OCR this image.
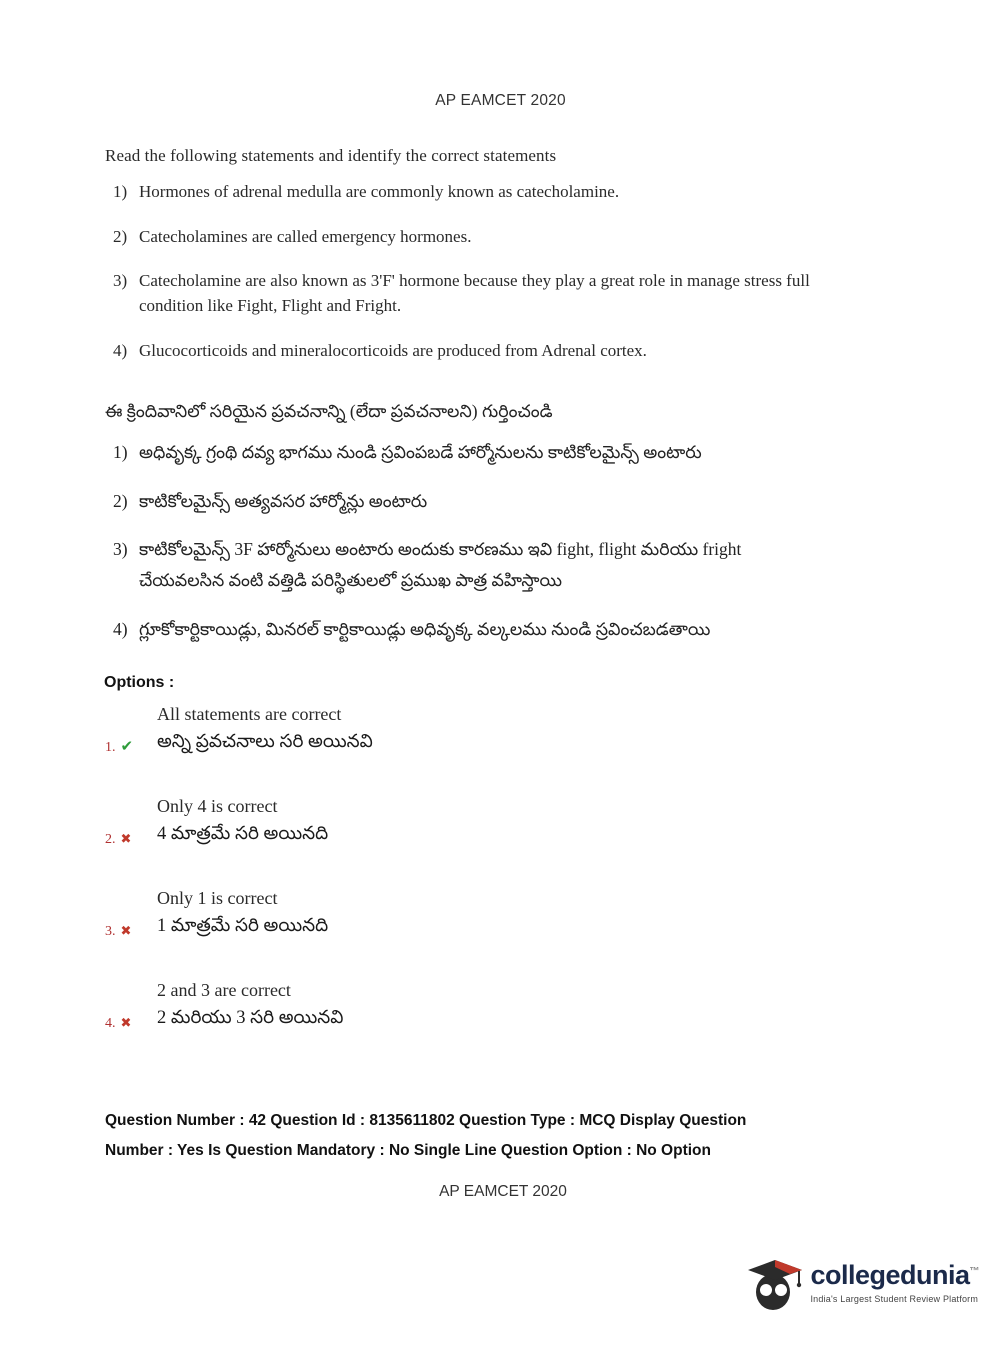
AP EAMCET 2020
Read the following statements and identify the correct statements
1) Hormones of adrenal medulla are commonly known as catecholamine.
2) Catecholamines are called emergency hormones.
3) Catecholamine are also known as 3'F' hormone because they play a great role in manage stress full condition like Fight, Flight and Fright.
4) Glucocorticoids and mineralocorticoids are produced from Adrenal cortex.
ఈ క్రిందివానిలో సరియైన ప్రవచనాన్ని (లేదా ప్రవచనాలని) గుర్తించండి
1) అధివృక్క గ్రంథి దవ్య భాగము నుండి స్రవింపబడే హార్మోనులను కాటికోలమైన్స్ అంటారు
2) కాటికోలమైన్స్ అత్యవసర హార్మోన్లు అంటారు
3) కాటికోలమైన్స్ 3F హార్మోనులు అంటారు అందుకు కారణము ఇవి fight, flight మరియు fright చేయవలసిన వంటి వత్తిడి పరిస్థితులలో ప్రముఖ పాత్ర వహిస్తాయి
4) గ్లూకోకార్టికాయిడ్లు, మినరల్ కార్టికాయిడ్లు అధివృక్క వల్కలము నుండి స్రవించబడతాయి
Options :
1. ✔
All statements are correct
అన్ని ప్రవచనాలు సరి అయినవి
2. ✖
Only 4 is correct
4 మాత్రమే సరి అయినది
3. ✖
Only 1 is correct
1 మాత్రమే సరి అయినది
4. ✖
2 and 3 are correct
2 మరియు 3 సరి అయినవి
Question Number : 42 Question Id : 8135611802 Question Type : MCQ Display Question
Number : Yes Is Question Mandatory : No Single Line Question Option : No Option
AP EAMCET 2020
collegedunia™
India's Largest Student Review Platform
